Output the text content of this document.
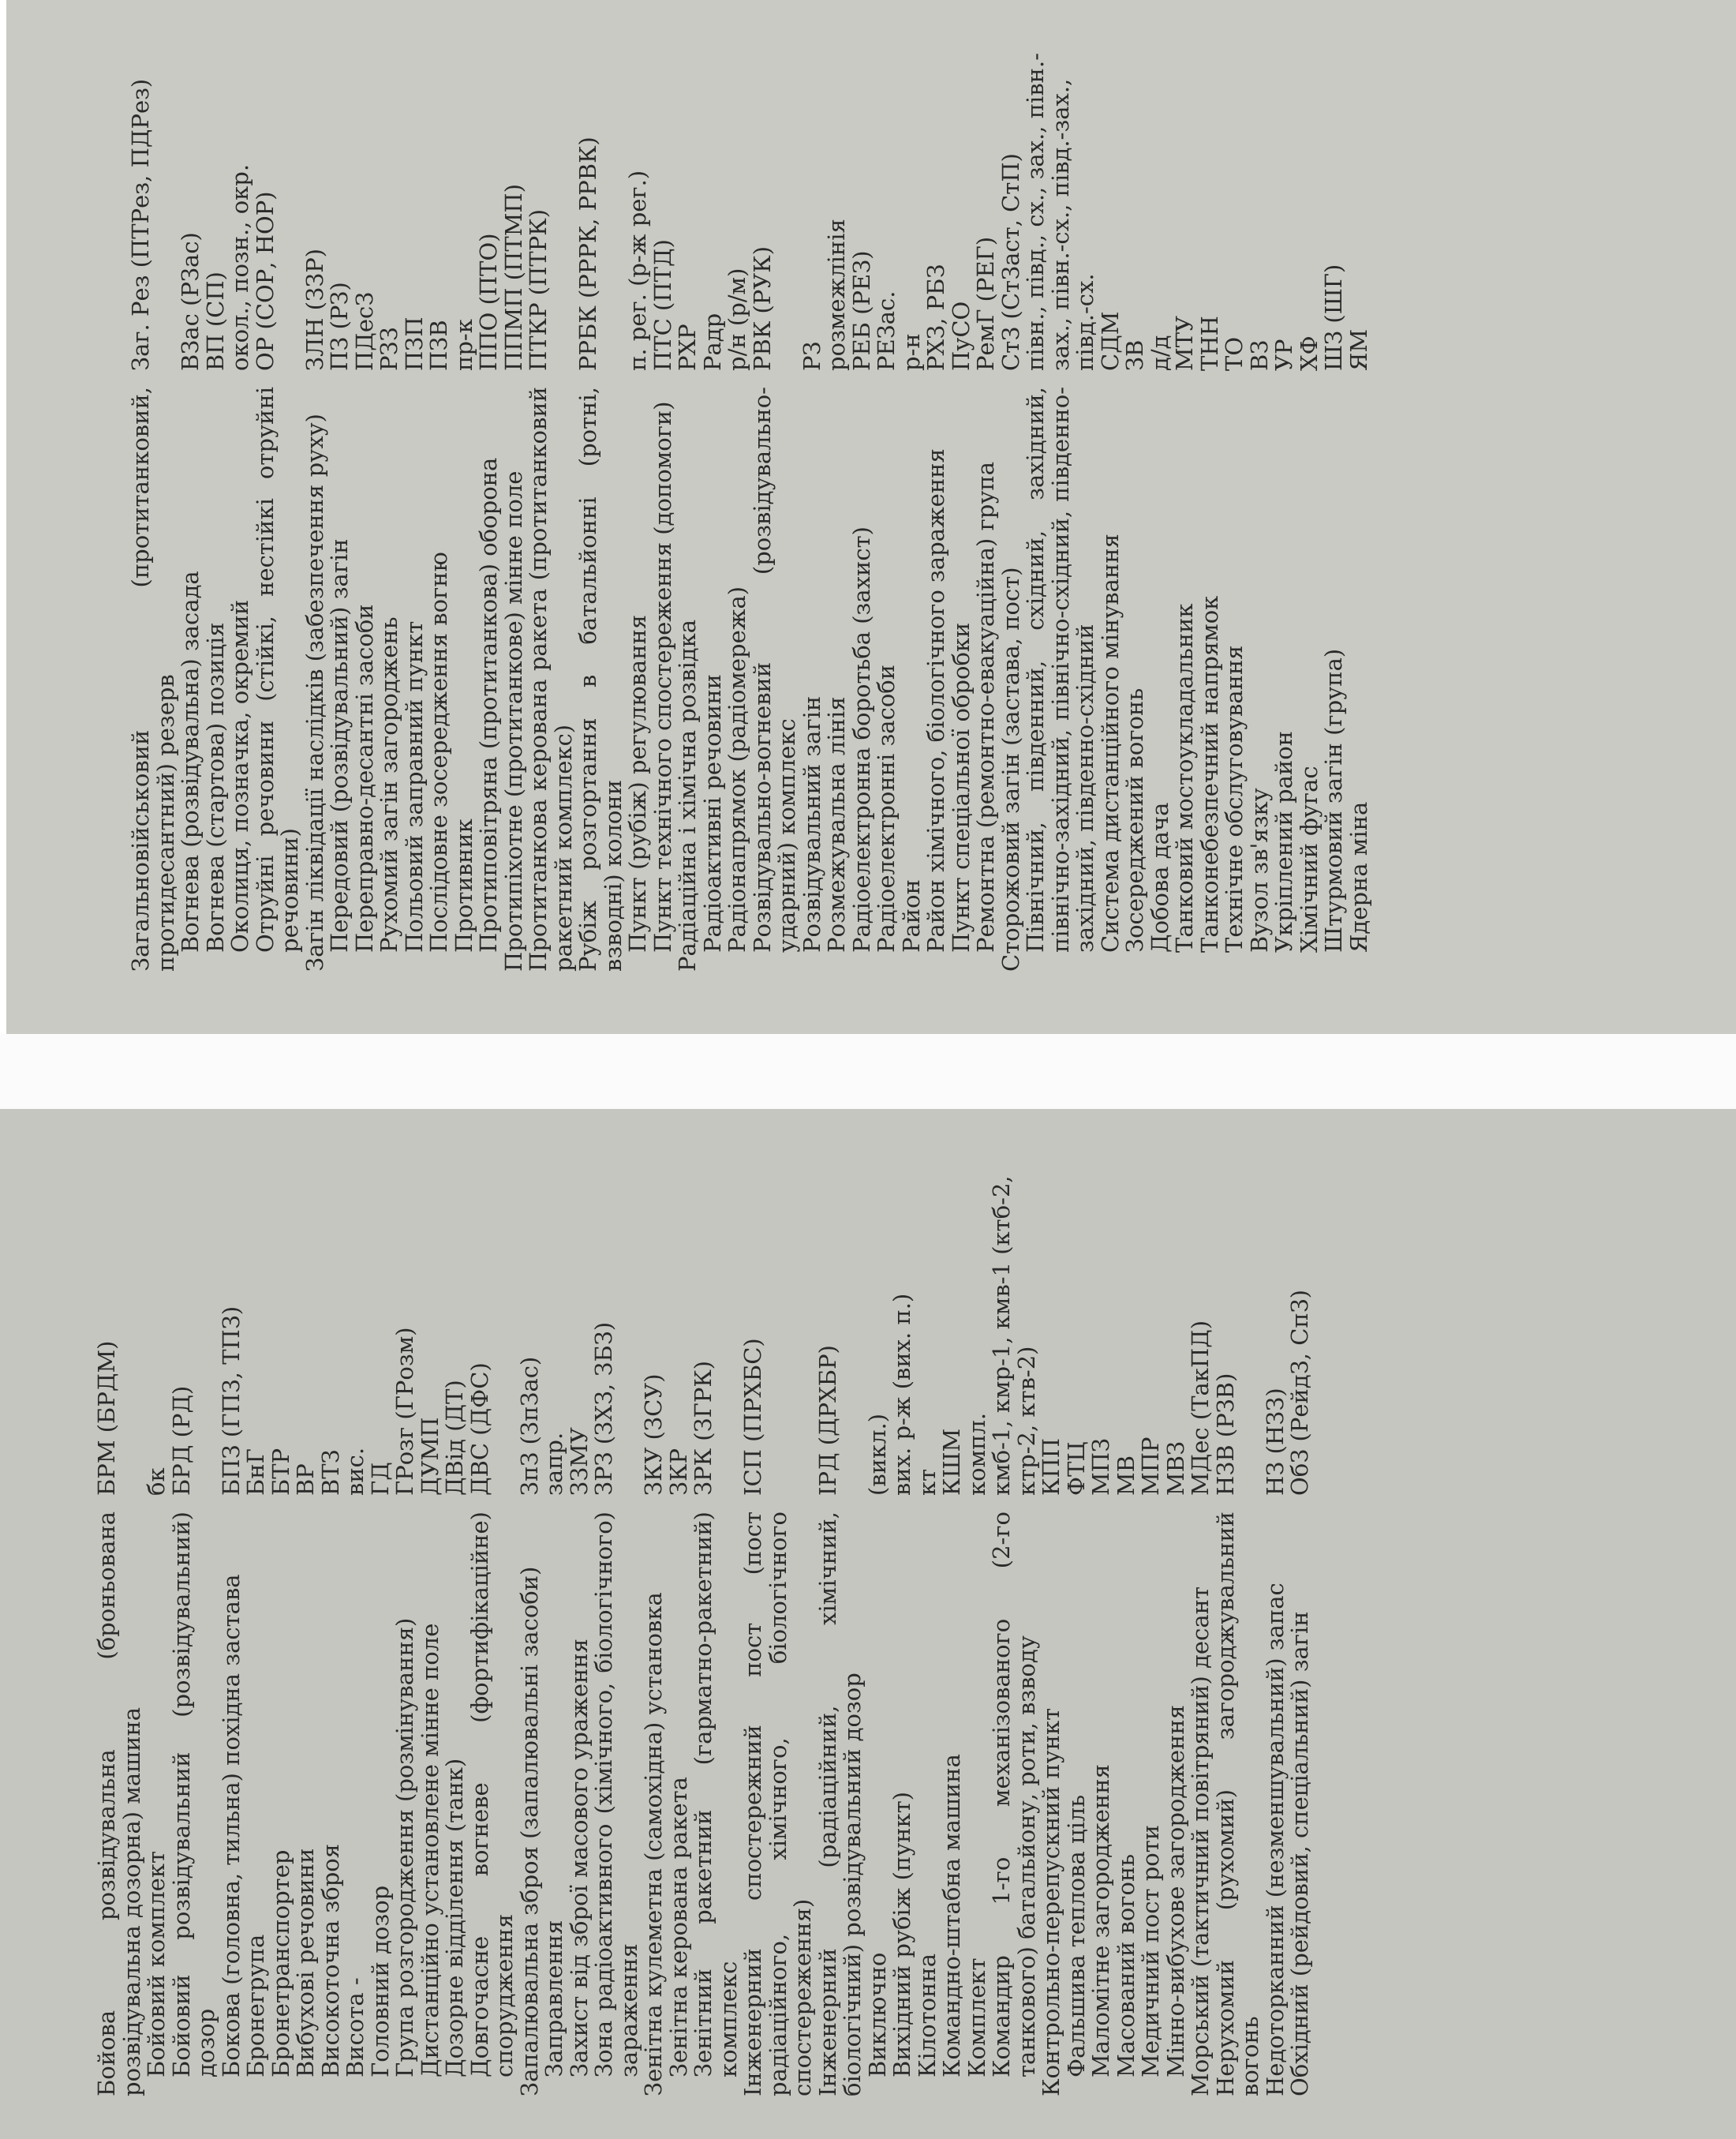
Загальновійськовий (протитанковий, протидесантний) резерв
Заг. Рез (ПТРез, ПДРез)
Вогнева (розвідувальна) засада
ВЗас (РЗас)
Вогнева (стартова) позиція
ВП (СП)
Околиця, позначка, окремий
окол., позн., окр.
Отруйні речовини (стійкі, нестійкі отруйні речовини)
ОР (СОР, НОР)
Загін ліквідації наслідків (забезпечення руху)
ЗЛН (ЗЗР)
Передовий (розвідувальний) загін
ПЗ (РЗ)
Перепрaвно-десантні засоби
ПДесЗ
Рухомий загін загороджень
РЗЗ
Польовий заправний пункт
ПЗП
Послідовне зосередження вогню
ПЗВ
Противник
пр-к
Протиповітряна (протитанкова) оборона
ППО (ПТО)
Протипіхотне (протитанкове) мінне поле
ППМП (ПТМП)
Протитанкова керована ракета (протитанковий ракетний комплекс)
ПТКР (ПТРК)
Рубіж розгортання в батальйонні (ротні, взводні) колони
РРБК (РРРК, РРВК)
Пункт (рубіж) регулювання
п. рег. (р-ж рег.)
Пункт технічного спостереження (допомоги)
ПТС (ПТД)
Радіаційна і хімічна розвідка
РХР
Радіоактивні речовини
Радр
Радіонапрямок (радіомережа)
р/н (р/м)
Розвідувально-вогневий (розвідувально-ударний) комплекс
РВК (РУК)
Розвідувальний загін
РЗ
Розмежувальна лінія
розмежлінія
Радіоелектронна боротьба (захист)
РЕБ (РЕЗ)
Радіоелектронні засоби
РЕЗас.
Район
р-н
Район хімічного, біологічного зараження
РХЗ, РБЗ
Пункт спеціальної обробки
ПуСО
Ремонтна (ремонтно-евакуаційна) група
РемГ (РЕГ)
Сторожовий загін (застава, пост)
СтЗ (СтЗаст, СтП)
Північний, південний, східний, західний, північно-західний, північно-східний, південно-західний, південно-східний
півн., півд., сх., зах., півн.-зах., півн.-сх., півд.-зах., півд.-сх.
Система дистанційного мінування
СДМ
Зосереджений вогонь
ЗВ
Добова дача
д/д
Танковий мостоукладальник
МТУ
Танконебезпечний напрямок
ТНН
Технічне обслуговування
ТО
Вузол зв'язку
ВЗ
Укріплений район
УР
Хімічний фугас
ХФ
Штурмовий загін (група)
ШЗ (ШГ)
Ядерна міна
ЯМ
Бойова розвідувальна (броньована розвідувальна дозорна) машина
БРМ (БРДМ)
Бойовий комплект
бк
Бойовий розвідувальний (розвідувальний) дозор
БРД (РД)
Бокова (головна, тильна) похідна застава
БПЗ (ГПЗ, ТПЗ)
Бронегрупа
БнГ
Бронетранспортер
БТР
Вибухові речовини
ВР
Високоточна зброя
ВТЗ
Висота -
вис.
Головний дозор
ГД
Група розгородження (розмінування)
ГРозг (ГРозм)
Дистанційно установлене мінне поле
ДУМП
Дозорне відділення (танк)
ДВід (ДТ)
Довгочасне вогневе (фортифікаційне) спорудження
ДВС (ДФС)
Запалювальна зброя (запалювальні засоби)
ЗпЗ (ЗпЗас)
Заправлення
запр.
Захист від зброї масового ураження
ЗЗМУ
Зона радіоактивного (хімічного, біологічного) зараження
ЗРЗ (ЗХЗ, ЗБЗ)
Зенітна кулеметна (самохідна) установка
ЗКУ (ЗСУ)
Зенітна керована ракета
ЗКР
Зенітний ракетний (гарматно-ракетний) комплекс
ЗРК (ЗГРК)
Інженерний спостережний пост (пост радіаційного, хімічного, біологічного спостереження)
ІСП (ПРХБС)
Інженерний (радіаційний, хімічний, біологічний) розвідувальний дозор
ІРД (ДРХБР)
Виключно
(викл.)
Вихідний рубіж (пункт)
вих. р-ж (вих. п.)
Кілотонна
кт
Командно-штабна машина
КШМ
Комплект
компл.
Командир 1-го механізованого (2-го танкового) батальйону, роти, взводу
кмб-1, кмр-1, кмв-1 (ктб-2, ктр-2, ктв-2)
Контрольно-перепускний пункт
КПП
Фальшива теплова ціль
ФТЦ
Маломітне загородження
МПЗ
Масований вогонь
МВ
Медичний пост роти
МПР
Мінно-вибухове загородження
МВЗ
Морський (тактичний повітряний) десант
МДес (ТакПД)
Нерухомий (рухомий) загороджувальний вогонь
НЗВ (РЗВ)
Недоторканний (незменшувальний) запас
НЗ (НЗЗ)
Обхідний (рейдовий, спеціальний) загін
ОбЗ (РейдЗ, СпЗ)
